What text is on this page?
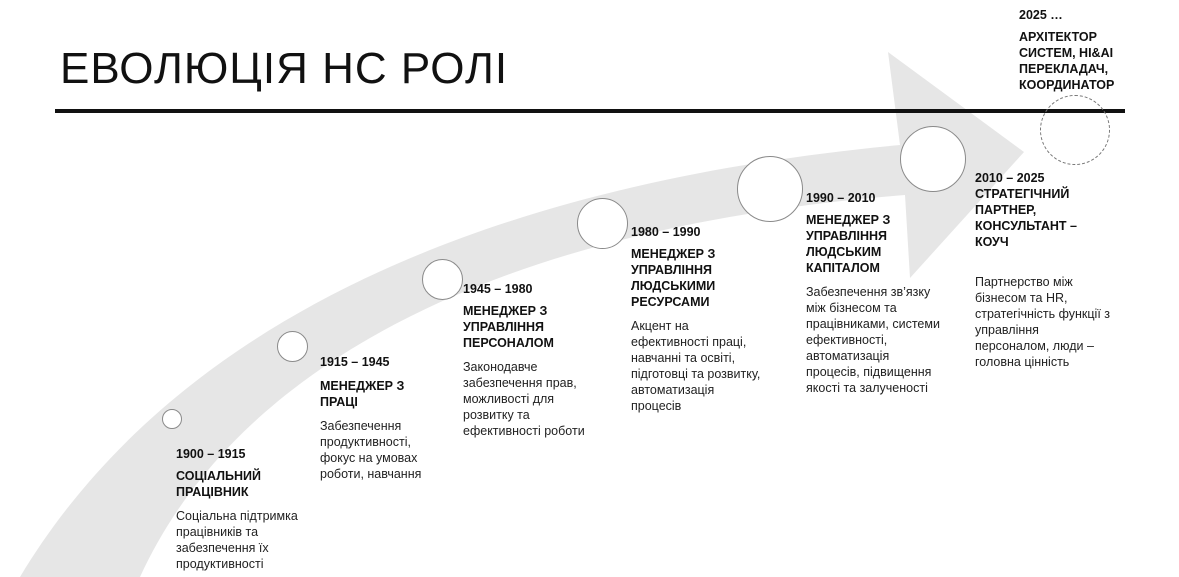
ЕВОЛЮЦІЯ НС РОЛІ
1900 – 1915
СОЦІАЛЬНИЙ ПРАЦІВНИК
Соціальна підтримка працівників та забезпечення їх продуктивності
1915 – 1945
МЕНЕДЖЕР З ПРАЦІ
Забезпечення продуктивності, фокус на умовах роботи, навчання
1945 – 1980
МЕНЕДЖЕР З УПРАВЛІННЯ ПЕРСОНАЛОМ
Законодавче забезпечення прав, можливості для розвитку та ефективності роботи
1980 – 1990
МЕНЕДЖЕР З УПРАВЛІННЯ ЛЮДСЬКИМИ РЕСУРСАМИ
Акцент на ефективності праці, навчанні та освіті, підготовці та розвитку, автоматизація процесів
1990 – 2010
МЕНЕДЖЕР З УПРАВЛІННЯ ЛЮДСЬКИМ КАПІТАЛОМ
Забезпечення зв’язку між бізнесом та працівниками, системи ефективності, автоматизація процесів, підвищення якості та залученості
2010 – 2025
СТРАТЕГІЧНИЙ ПАРТНЕР, КОНСУЛЬТАНТ – КОУЧ
Партнерство між бізнесом та HR, стратегічність функції з управління персоналом, люди – головна цінність
2025 …
АРХІТЕКТОР СИСТЕМ, HI&AI ПЕРЕКЛАДАЧ, КООРДИНАТОР
